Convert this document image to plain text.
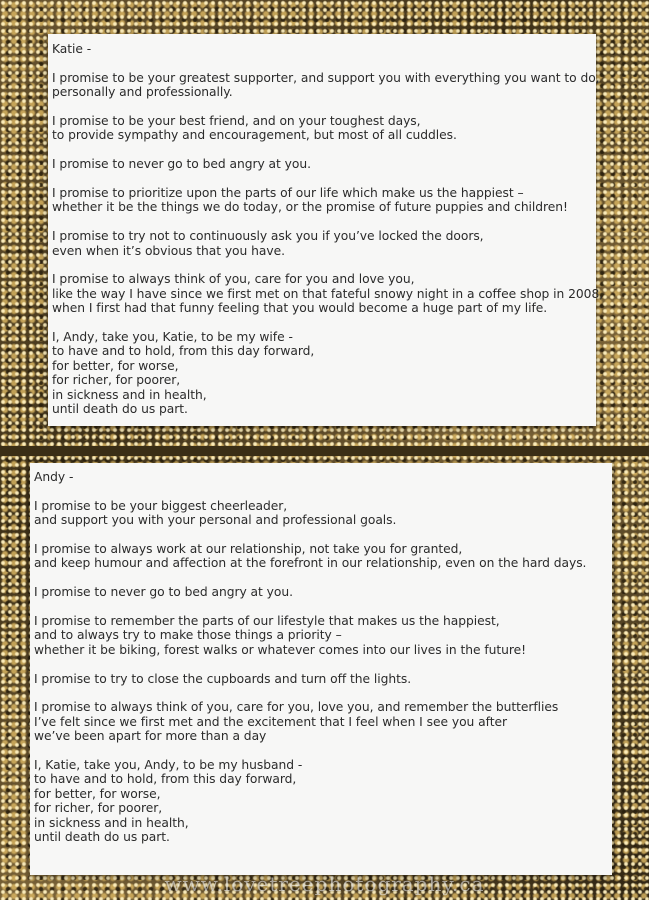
Katie -
I promise to be your greatest supporter, and support you with everything you want to do,
personally and professionally.
I promise to be your best friend, and on your toughest days,
to provide sympathy and encouragement, but most of all cuddles.
I promise to never go to bed angry at you.
I promise to prioritize upon the parts of our life which make us the happiest –
whether it be the things we do today, or the promise of future puppies and children!
I promise to try not to continuously ask you if you’ve locked the doors,
even when it’s obvious that you have.
I promise to always think of you, care for you and love you,
like the way I have since we first met on that fateful snowy night in a coffee shop in 2008,
when I first had that funny feeling that you would become a huge part of my life.
I, Andy, take you, Katie, to be my wife -
to have and to hold, from this day forward,
for better, for worse,
for richer, for poorer,
in sickness and in health,
until death do us part.
Andy -
I promise to be your biggest cheerleader,
and support you with your personal and professional goals.
I promise to always work at our relationship, not take you for granted,
and keep humour and affection at the forefront in our relationship, even on the hard days.
I promise to never go to bed angry at you.
I promise to remember the parts of our lifestyle that makes us the happiest,
and to always try to make those things a priority –
whether it be biking, forest walks or whatever comes into our lives in the future!
I promise to try to close the cupboards and turn off the lights.
I promise to always think of you, care for you, love you, and remember the butterflies
I’ve felt since we first met and the excitement that I feel when I see you after
we’ve been apart for more than a day
I, Katie, take you, Andy, to be my husband -
to have and to hold, from this day forward,
for better, for worse,
for richer, for poorer,
in sickness and in health,
until death do us part.
www.lovetreephotography.ca
